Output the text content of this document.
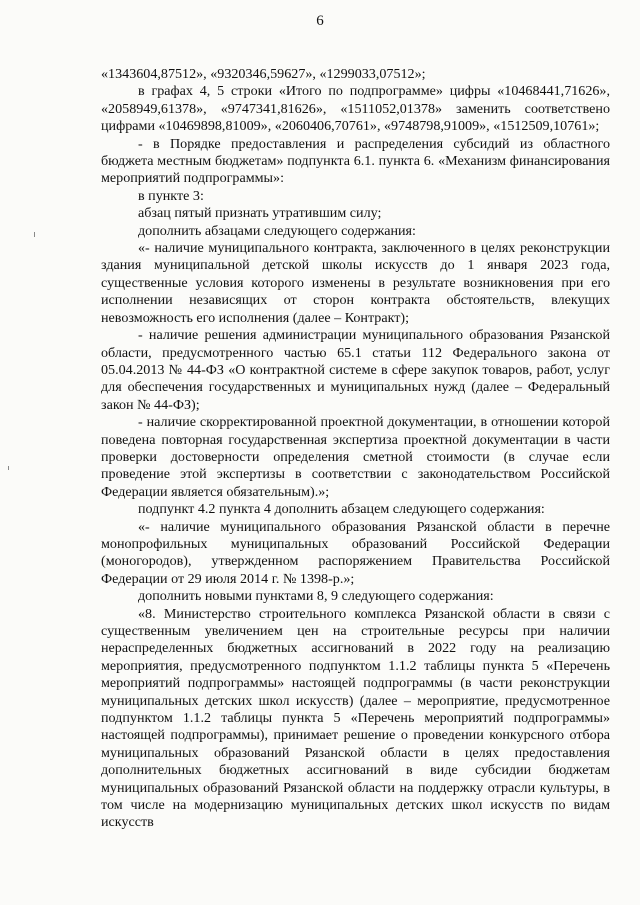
6

«1343604,87512», «9320346,59627», «1299033,07512»;

в графах 4, 5 строки «Итого по подпрограмме» цифры «10468441,71626», «2058949,61378», «9747341,81626», «1511052,01378» заменить соответствено цифрами «10469898,81009», «2060406,70761», «9748798,91009», «1512509,10761»;

- в Порядке предоставления и распределения субсидий из областного бюджета местным бюджетам» подпункта 6.1. пункта 6. «Механизм финансирования мероприятий подпрограммы»:

в пункте 3:

абзац пятый признать утратившим силу;

дополнить абзацами следующего содержания:

«- наличие муниципального контракта, заключенного в целях реконструкции здания муниципальной детской школы искусств до 1 января 2023 года, существенные условия которого изменены в результате возникновения при его исполнении независящих от сторон контракта обстоятельств, влекущих невозможность его исполнения (далее – Контракт);

- наличие решения администрации муниципального образования Рязанской области, предусмотренного частью 65.1 статьи 112 Федерального закона от 05.04.2013 № 44-ФЗ «О контрактной системе в сфере закупок товаров, работ, услуг для обеспечения государственных и муниципальных нужд (далее – Федеральный закон № 44-ФЗ);

- наличие скорректированной проектной документации, в отношении которой поведена повторная государственная экспертиза проектной документации в части проверки достоверности определения сметной стоимости (в случае если проведение этой экспертизы в соответствии с законодательством Российской Федерации является обязательным).»;

подпункт 4.2 пункта 4 дополнить абзацем следующего содержания:

«- наличие муниципального образования Рязанской области в перечне монопрофильных муниципальных образований Российской Федерации (моногородов), утвержденном распоряжением Правительства Российской Федерации от 29 июля 2014 г. № 1398-р.»;

дополнить новыми пунктами 8, 9 следующего содержания:

«8. Министерство строительного комплекса Рязанской области в связи с существенным увеличением цен на строительные ресурсы при наличии нераспределенных бюджетных ассигнований в 2022 году на реализацию мероприятия, предусмотренного подпунктом 1.1.2 таблицы пункта 5 «Перечень мероприятий подпрограммы» настоящей подпрограммы (в части реконструкции муниципальных детских школ искусств) (далее – мероприятие, предусмотренное подпунктом 1.1.2 таблицы пункта 5 «Перечень мероприятий подпрограммы» настоящей подпрограммы), принимает решение о проведении конкурсного отбора муниципальных образований Рязанской области в целях предоставления дополнительных бюджетных ассигнований в виде субсидии бюджетам муниципальных образований Рязанской области на поддержку отрасли культуры, в том числе на модернизацию муниципальных детских школ искусств по видам искусств
